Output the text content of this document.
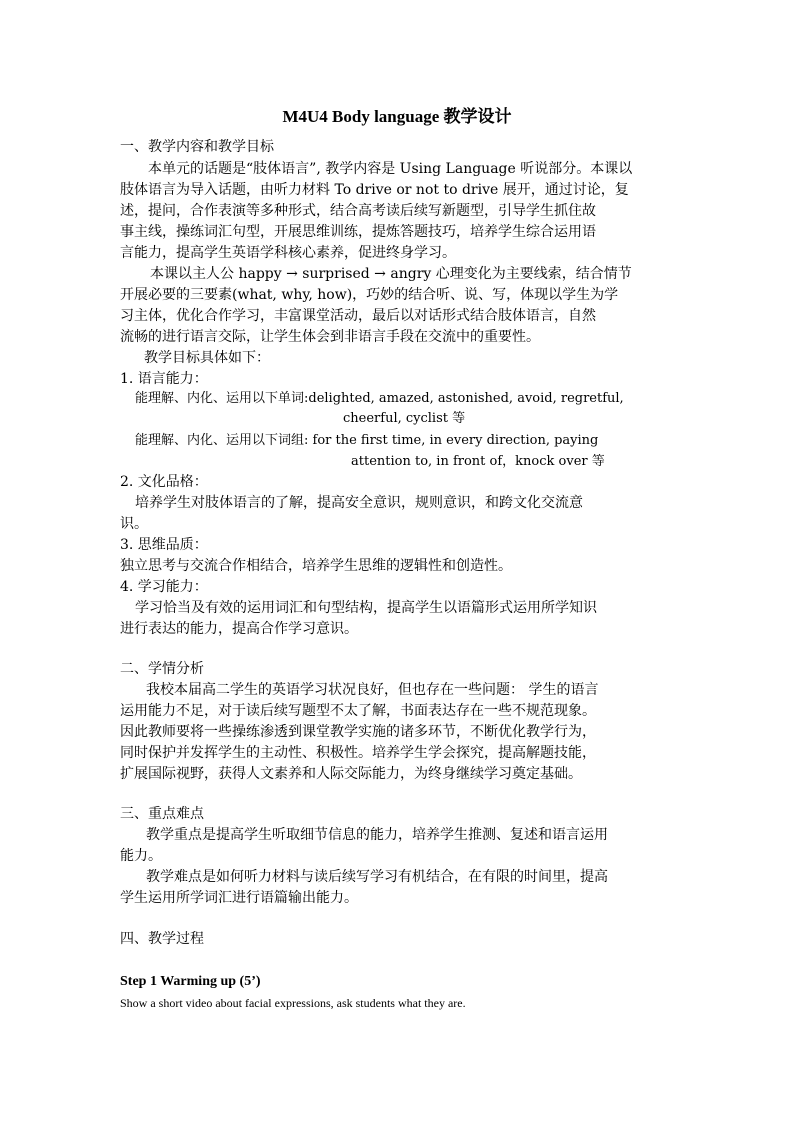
M4U4 Body language 教学设计
一、教学内容和教学目标
本单元的话题是“肢体语言”, 教学内容是 Using Language 听说部分。本课以
肢体语言为导入话题，由听力材料 To drive or not to drive 展开，通过讨论，复
述，提问，合作表演等多种形式，结合高考读后续写新题型，引导学生抓住故
事主线，操练词汇句型，开展思维训练，提炼答题技巧，培养学生综合运用语
言能力，提高学生英语学科核心素养，促进终身学习。
本课以主人公 happy → surprised → angry 心理变化为主要线索，结合情节
开展必要的三要素(what, why, how)，巧妙的结合听、说、写，体现以学生为学
习主体，优化合作学习，丰富课堂活动，最后以对话形式结合肢体语言，自然
流畅的进行语言交际，让学生体会到非语言手段在交流中的重要性。
教学目标具体如下：
1. 语言能力：
能理解、内化、运用以下单词:delighted, amazed, astonished, avoid, regretful,
cheerful, cyclist 等
能理解、内化、运用以下词组: for the first time, in every direction, paying
attention to, in front of，knock over 等
2. 文化品格：
培养学生对肢体语言的了解，提高安全意识，规则意识，和跨文化交流意
识。
3. 思维品质：
独立思考与交流合作相结合，培养学生思维的逻辑性和创造性。
4. 学习能力：
学习恰当及有效的运用词汇和句型结构，提高学生以语篇形式运用所学知识
进行表达的能力，提高合作学习意识。
二、学情分析
我校本届高二学生的英语学习状况良好，但也存在一些问题： 学生的语言
运用能力不足，对于读后续写题型不太了解，书面表达存在一些不规范现象。
因此教师要将一些操练渗透到课堂教学实施的诸多环节，不断优化教学行为，
同时保护并发挥学生的主动性、积极性。培养学生学会探究，提高解题技能，
扩展国际视野，获得人文素养和人际交际能力，为终身继续学习奠定基础。
三、重点难点
教学重点是提高学生听取细节信息的能力，培养学生推测、复述和语言运用
能力。
教学难点是如何听力材料与读后续写学习有机结合，在有限的时间里，提高
学生运用所学词汇进行语篇输出能力。
四、教学过程
Step 1 Warming up (5’)
Show a short video about facial expressions, ask students what they are.
